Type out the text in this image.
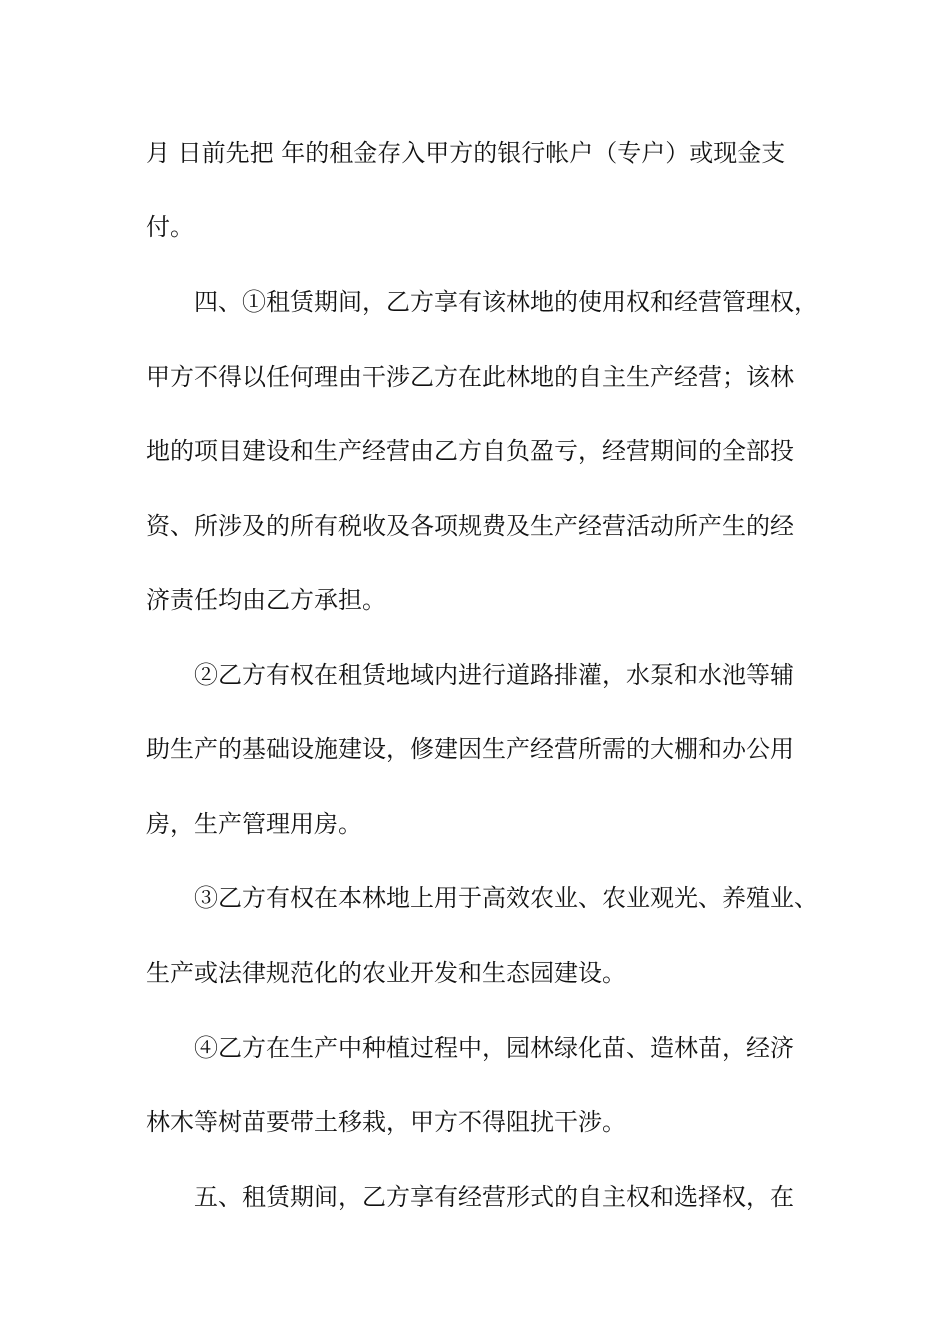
月 日前先把 年的租金存入甲方的银行帐户（专户）或现金支
付。
四、①租赁期间，乙方享有该林地的使用权和经营管理权，
甲方不得以任何理由干涉乙方在此林地的自主生产经营；该林
地的项目建设和生产经营由乙方自负盈亏，经营期间的全部投
资、所涉及的所有税收及各项规费及生产经营活动所产生的经
济责任均由乙方承担。
②乙方有权在租赁地域内进行道路排灌，水泵和水池等辅
助生产的基础设施建设，修建因生产经营所需的大棚和办公用
房，生产管理用房。
③乙方有权在本林地上用于高效农业、农业观光、养殖业、
生产或法律规范化的农业开发和生态园建设。
④乙方在生产中种植过程中，园林绿化苗、造林苗，经济
林木等树苗要带土移栽，甲方不得阻扰干涉。
五、租赁期间，乙方享有经营形式的自主权和选择权，在
